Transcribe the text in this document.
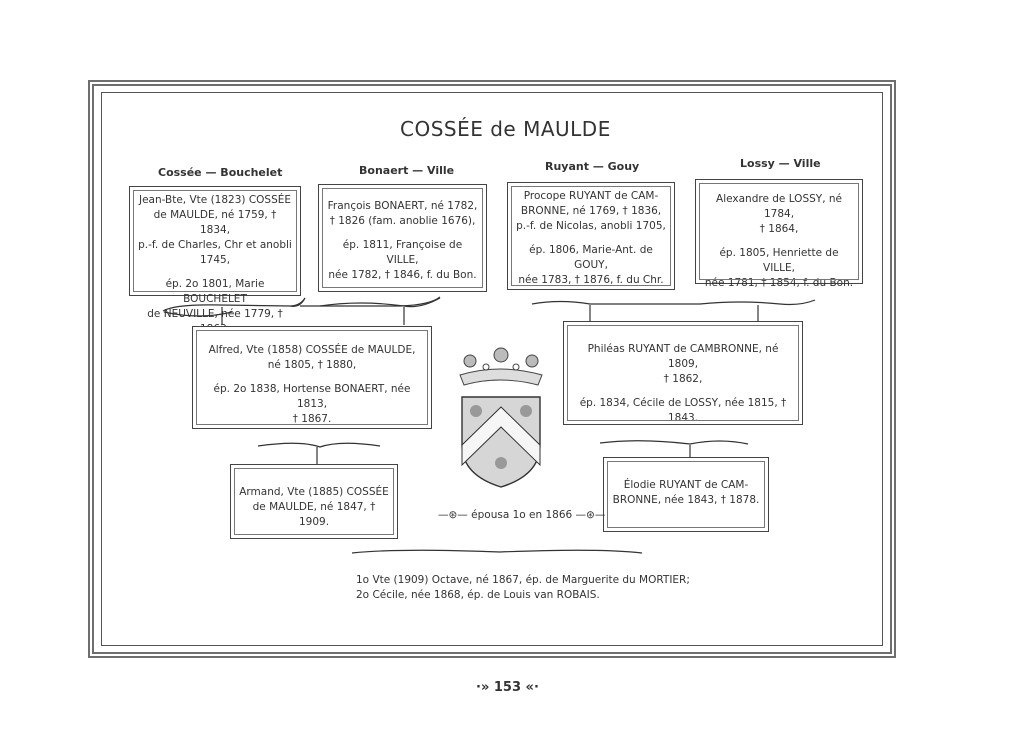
COSSÉE de MAULDE
Cossée — Bouchelet	Bonaert — Ville	Ruyant — Gouy	Lossy — Ville

Jean-Bte, Vte (1823) COSSÉE

de MAULDE, né 1759, † 1834,

p.-f. de Charles, Chr et anobli

1745,

ép. 2o 1801, Marie BOUCHELET

de NEUVILLE, née 1779, †

François BONAERT, né 1782,

† 1826 (fam. anoblie 1676),

ép. 1811, Françoise de VILLE,

née 1782, † 1846, f. du Bon.

Procope RUYANT de CAM-

BRONNE, né 1769, † 1836,

p.-f. de Nicolas, anobli 1705,

ép. 1806, Marie-Ant. de GOUY,

née 1783, † 1876, f. du Chr.

Alexandre de LOSSY, né 1784,

† 1864,

ép. 1805, Henriette de VILLE,

née 1781, † 1854, f. du Bon.

Alfred, Vte (1858) COSSÉE de MAULDE,

né 1805, † 1880,

ép. 2o 1838, Hortense BONAERT, née 1813,

† 1867.

Philéas RUYANT de CAMBRONNE, né 1809,

† 1862,

ép. 1834, Cécile de LOSSY, née 1815, † 1843.

Armand, Vte (1885) COSSÉE

de MAULDE, né 1847, † 1909.

Élodie RUYANT de CAM-

BRONNE, née 1843, † 1878.

—⊛— épousa 1o en 1866 —⊛—
1o Vte (1909) Octave, né 1867, ép. de Marguerite du MORTIER;
2o Cécile, née 1868, ép. de Louis van ROBAIS.
·» 153 «·
